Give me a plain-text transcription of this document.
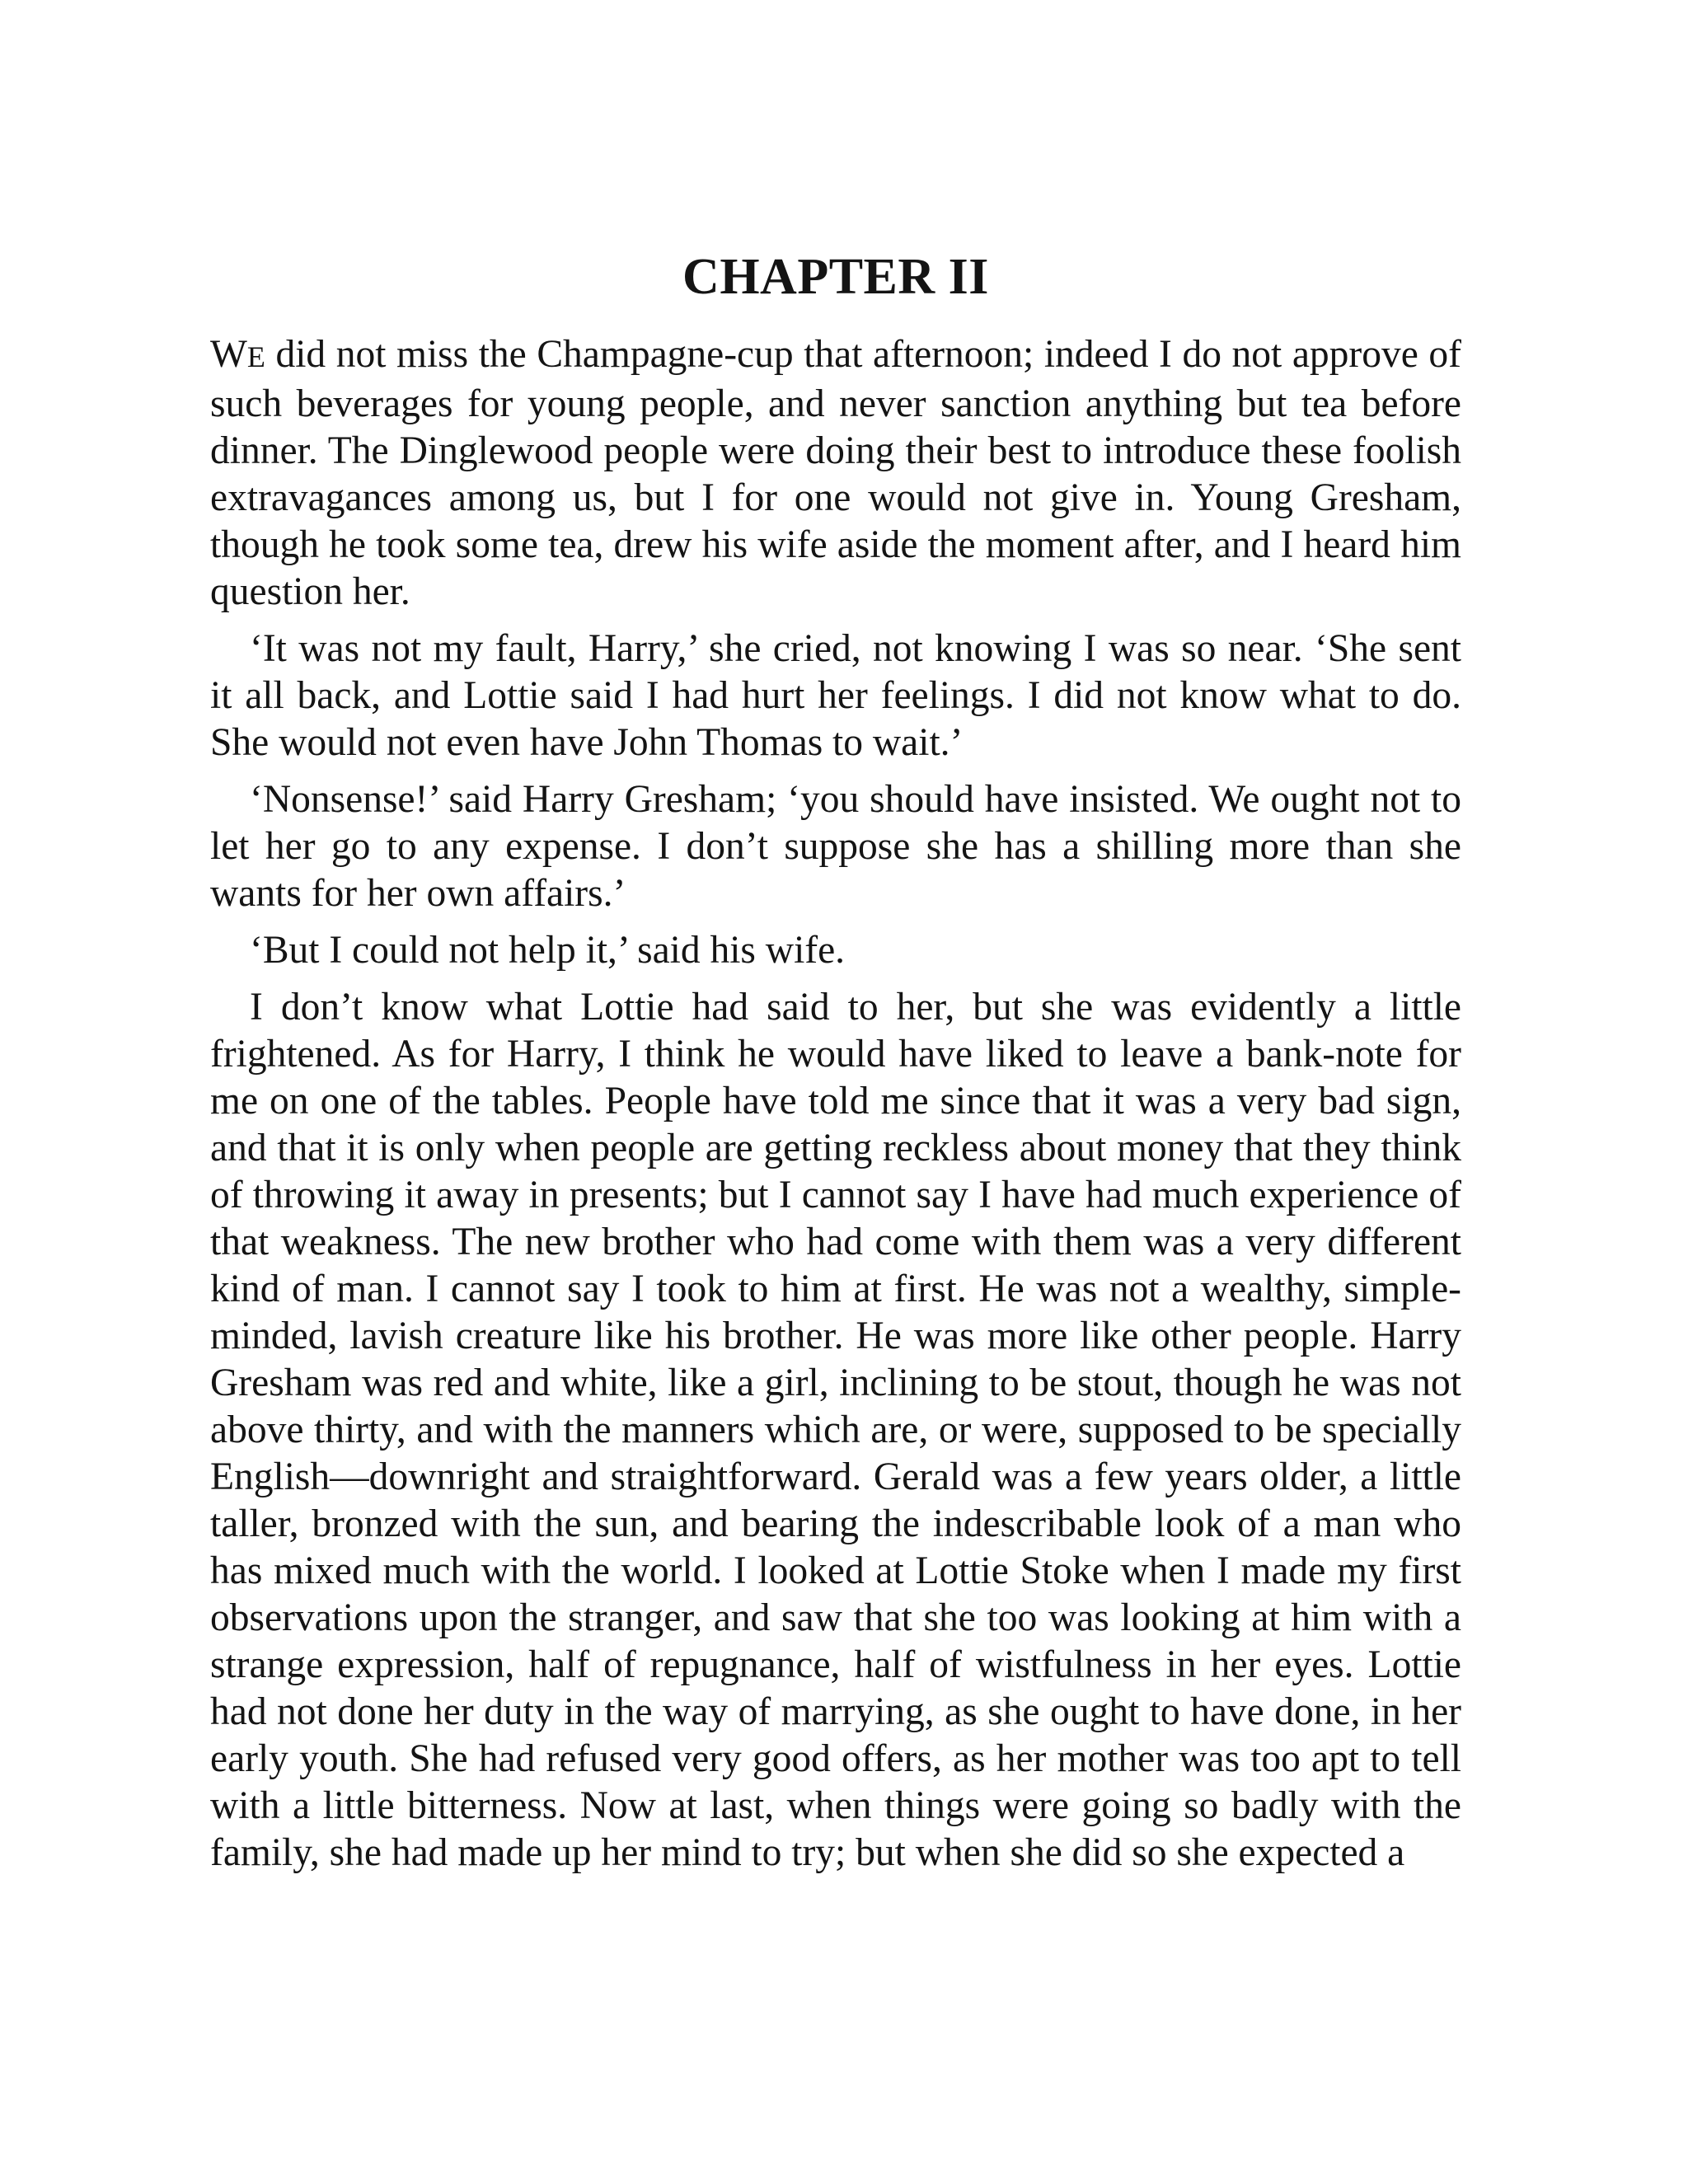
CHAPTER II

WE did not miss the Champagne-cup that afternoon; indeed I do not approve of such beverages for young people, and never sanction anything but tea before dinner. The Dinglewood people were doing their best to introduce these foolish extravagances among us, but I for one would not give in. Young Gresham, though he took some tea, drew his wife aside the moment after, and I heard him question her.

‘It was not my fault, Harry,’ she cried, not knowing I was so near. ‘She sent it all back, and Lottie said I had hurt her feelings. I did not know what to do. She would not even have John Thomas to wait.’

‘Nonsense!’ said Harry Gresham; ‘you should have insisted. We ought not to let her go to any expense. I don’t suppose she has a shilling more than she wants for her own affairs.’

‘But I could not help it,’ said his wife.

I don’t know what Lottie had said to her, but she was evidently a little frightened. As for Harry, I think he would have liked to leave a bank-note for me on one of the tables. People have told me since that it was a very bad sign, and that it is only when people are getting reckless about money that they think of throwing it away in presents; but I cannot say I have had much experience of that weakness. The new brother who had come with them was a very different kind of man. I cannot say I took to him at first. He was not a wealthy, simple-minded, lavish creature like his brother. He was more like other people. Harry Gresham was red and white, like a girl, inclining to be stout, though he was not above thirty, and with the manners which are, or were, supposed to be specially English—downright and straightforward. Gerald was a few years older, a little taller, bronzed with the sun, and bearing the indescribable look of a man who has mixed much with the world. I looked at Lottie Stoke when I made my first observations upon the stranger, and saw that she too was looking at him with a strange expression, half of repugnance, half of wistfulness in her eyes. Lottie had not done her duty in the way of marrying, as she ought to have done, in her early youth. She had refused very good offers, as her mother was too apt to tell with a little bitterness. Now at last, when things were going so badly with the family, she had made up her mind to try; but when she did so she expected a
